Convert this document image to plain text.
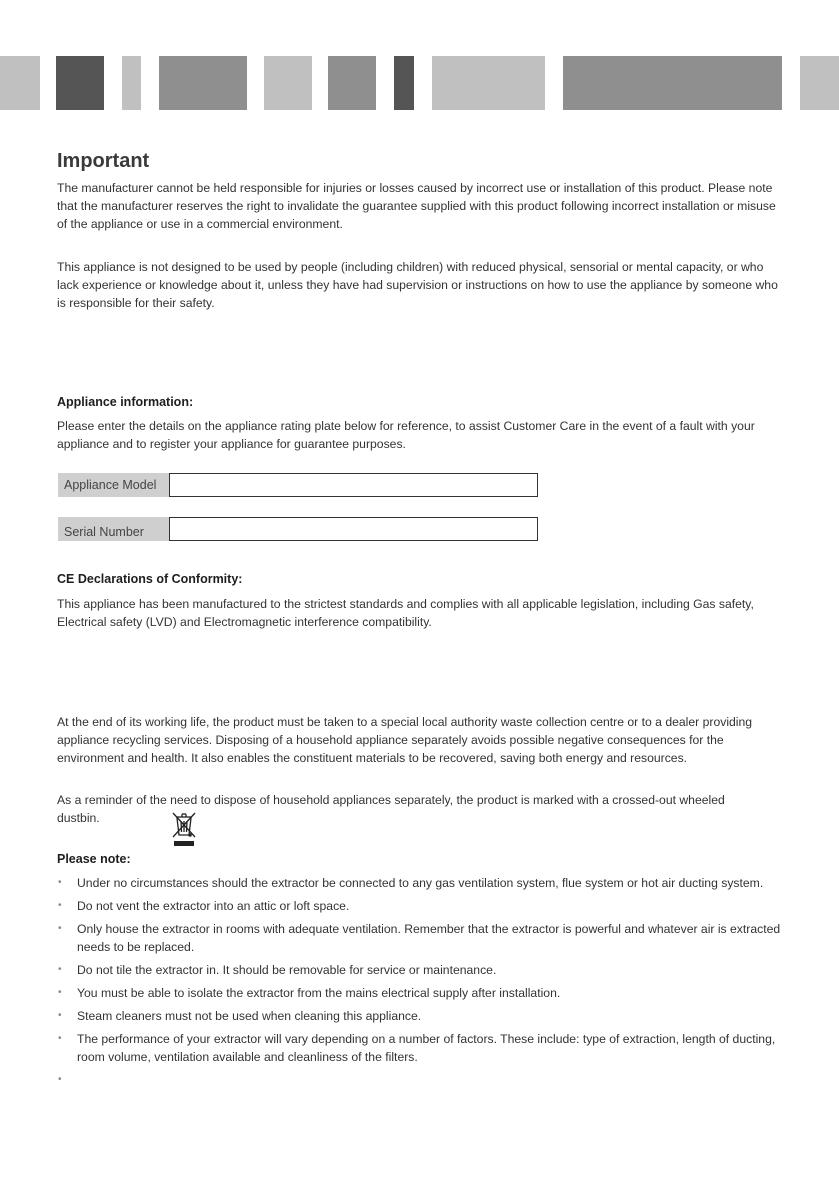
Important

The manufacturer cannot be held responsible for injuries or losses caused by incorrect use or installation of this product. Please note that the manufacturer reserves the right to invalidate the guarantee supplied with this product following incorrect installation or misuse of the appliance or use in a commercial environment.

This appliance is not designed to be used by people (including children) with reduced physical, sensorial or mental capacity, or who lack experience or knowledge about it, unless they have had supervision or instructions on how to use the appliance by someone who is responsible for their safety.

Appliance information:

Please enter the details on the appliance rating plate below for reference, to assist Customer Care in the event of a fault with your appliance and to register your appliance for guarantee purposes.

Appliance Model
Serial Number
CE Declarations of Conformity:

This appliance has been manufactured to the strictest standards and complies with all applicable legislation, including Gas safety, Electrical safety (LVD) and Electromagnetic interference compatibility.

At the end of its working life, the product must be taken to a special local authority waste collection centre or to a dealer providing appliance recycling services. Disposing of a household appliance separately avoids possible negative consequences for the environment and health. It also enables the constituent materials to be recovered, saving both energy and resources.

As a reminder of the need to dispose of household appliances separately, the product is marked with a crossed-out wheeled dustbin.

Please note:
• Under no circumstances should the extractor be connected to any gas ventilation system, flue system or hot air ducting system.
• Do not vent the extractor into an attic or loft space.
• Only house the extractor in rooms with adequate ventilation. Remember that the extractor is powerful and whatever air is extracted needs to be replaced.
• Do not tile the extractor in. It should be removable for service or maintenance.
• You must be able to isolate the extractor from the mains electrical supply after installation.
• Steam cleaners must not be used when cleaning this appliance.
• The performance of your extractor will vary depending on a number of factors. These include: type of extraction, length of ducting, room volume, ventilation available and cleanliness of the filters.
•
